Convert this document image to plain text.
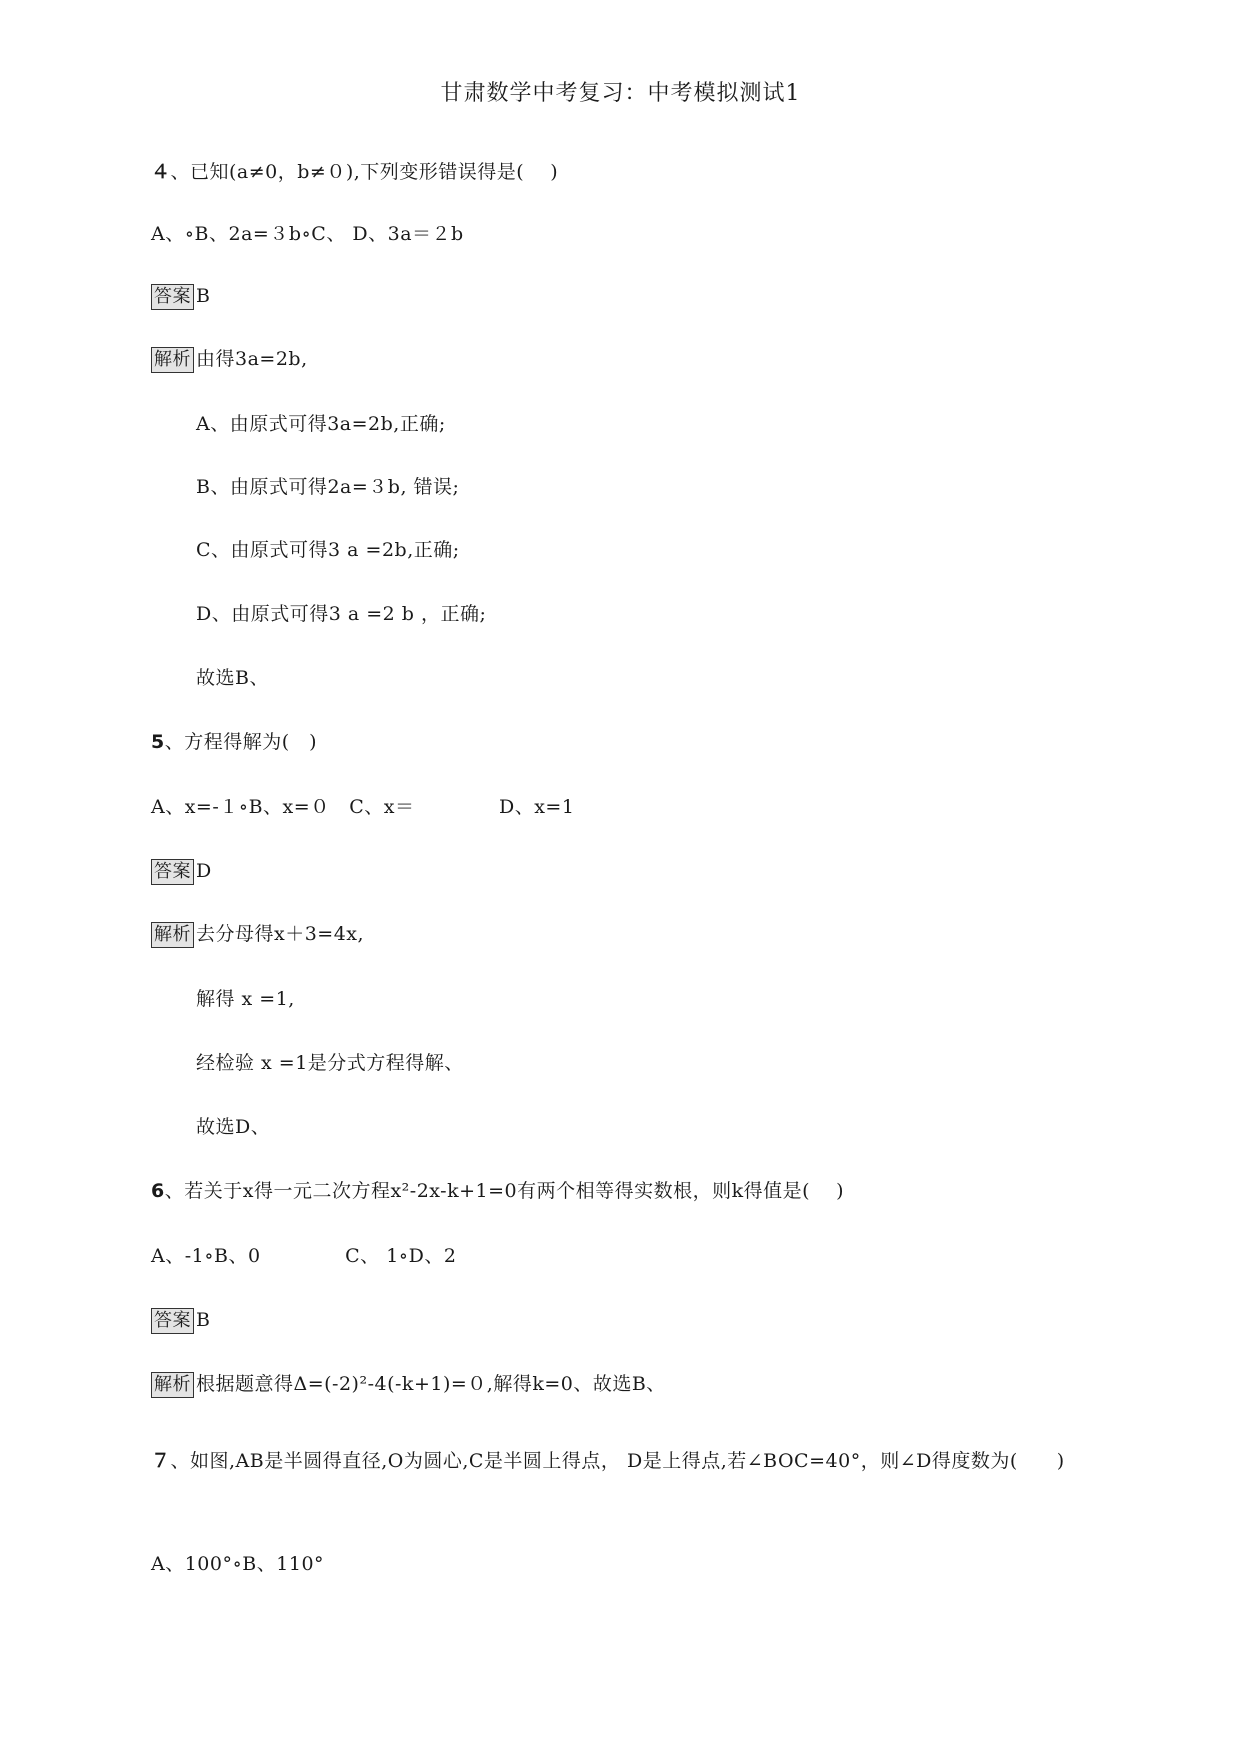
甘肃数学中考复习：中考模拟测试1
４、已知(a≠0，b≠０),下列变形错误得是(　 )
A、∘B、2a=３b∘C、 D、3a＝２b
答案 B
解析 由得3a=2b,
A、由原式可得3a=2b,正确;
B、由原式可得2a=３b, 错误;
C、由原式可得3 a =2b,正确;
D、由原式可得3 a =2 b ，正确;
故选B、
5、方程得解为(　)
A、x=-１∘B、x=０　C、x＝　　　　 D、x=1
答案 D
解析 去分母得x＋3=4x,
解得 x =1,
经检验 x =1是分式方程得解、
故选D、
6、若关于x得一元二次方程x²-2x-k+1=0有两个相等得实数根，则k得值是(　 )
A、-1∘B、0　　　　 C、 1∘D、2
答案 B
解析 根据题意得Δ=(-2)²-4(-k+1)=０,解得k=0、故选B、
７、如图,AB是半圆得直径,O为圆心,C是半圆上得点， D是上得点,若∠BOC=40°，则∠D得度数为(　　)
A、100°∘B、110°
